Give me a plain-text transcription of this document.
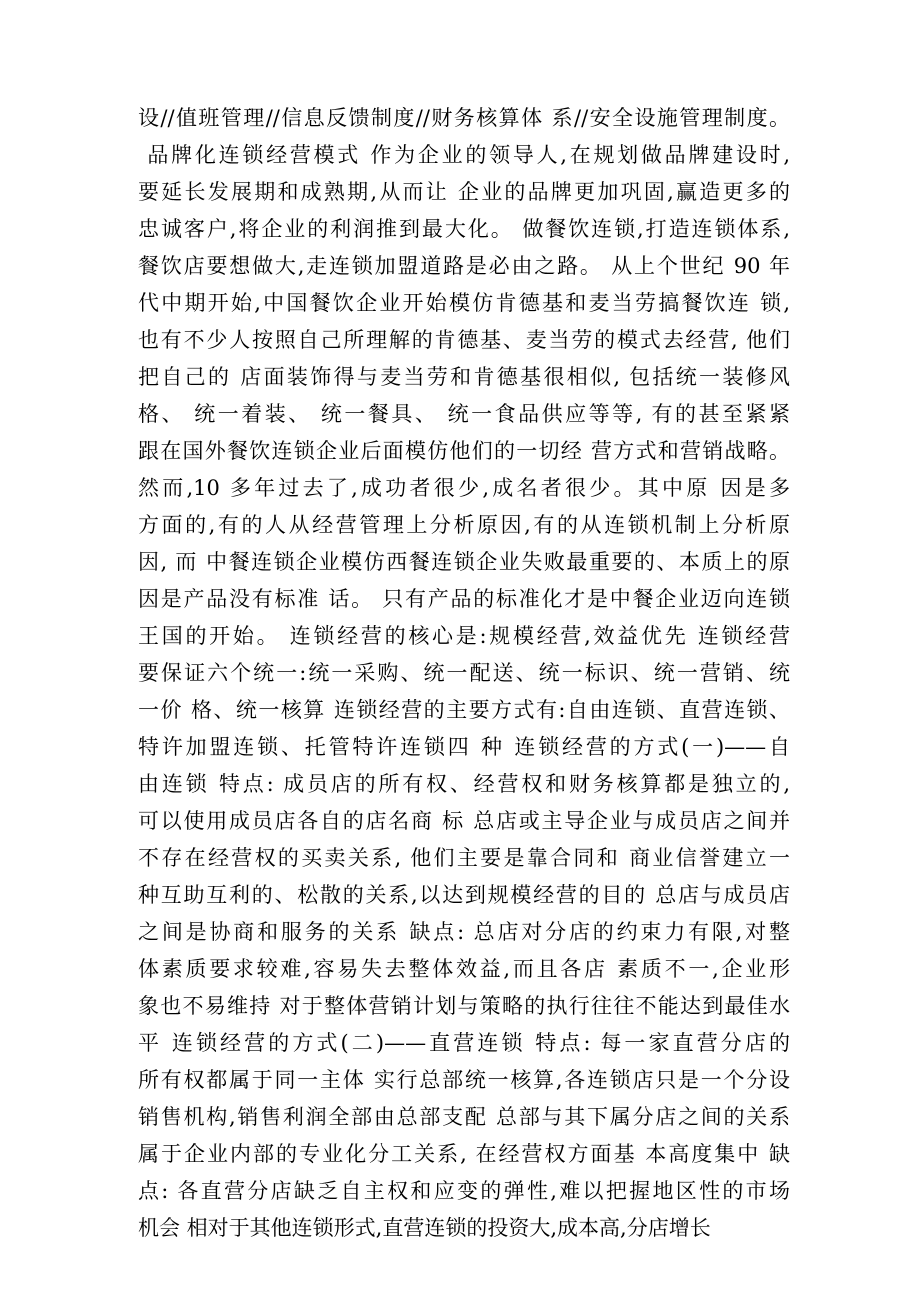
设//值班管理//信息反馈制度//财务核算体 系//安全设施管理制度。
品牌化连锁经营模式 作为企业的领导人,在规划做品牌建设时,
要延长发展期和成熟期,从而让 企业的品牌更加巩固,赢造更多的
忠诚客户,将企业的利润推到最大化。 做餐饮连锁,打造连锁体系,
餐饮店要想做大,走连锁加盟道路是必由之路。 从上个世纪 90 年
代中期开始,中国餐饮企业开始模仿肯德基和麦当劳搞餐饮连 锁,
也有不少人按照自己所理解的肯德基、麦当劳的模式去经营, 他们
把自己的 店面装饰得与麦当劳和肯德基很相似, 包括统一装修风
格、 统一着装、 统一餐具、 统一食品供应等等, 有的甚至紧紧
跟在国外餐饮连锁企业后面模仿他们的一切经 营方式和营销战略。
然而,10 多年过去了,成功者很少,成名者很少。其中原 因是多
方面的,有的人从经营管理上分析原因,有的从连锁机制上分析原
因, 而 中餐连锁企业模仿西餐连锁企业失败最重要的、本质上的原
因是产品没有标准 话。 只有产品的标准化才是中餐企业迈向连锁
王国的开始。 连锁经营的核心是:规模经营,效益优先 连锁经营
要保证六个统一:统一采购、统一配送、统一标识、统一营销、统
一价 格、统一核算 连锁经营的主要方式有:自由连锁、直营连锁、
特许加盟连锁、托管特许连锁四 种 连锁经营的方式(一)——自
由连锁 特点: 成员店的所有权、经营权和财务核算都是独立的,
可以使用成员店各自的店名商 标 总店或主导企业与成员店之间并
不存在经营权的买卖关系, 他们主要是靠合同和 商业信誉建立一
种互助互利的、松散的关系,以达到规模经营的目的 总店与成员店
之间是协商和服务的关系 缺点: 总店对分店的约束力有限,对整
体素质要求较难,容易失去整体效益,而且各店 素质不一,企业形
象也不易维持 对于整体营销计划与策略的执行往往不能达到最佳水
平 连锁经营的方式(二)——直营连锁 特点: 每一家直营分店的
所有权都属于同一主体 实行总部统一核算,各连锁店只是一个分设
销售机构,销售利润全部由总部支配 总部与其下属分店之间的关系
属于企业内部的专业化分工关系, 在经营权方面基 本高度集中 缺
点: 各直营分店缺乏自主权和应变的弹性,难以把握地区性的市场
机会 相对于其他连锁形式,直营连锁的投资大,成本高,分店增长
